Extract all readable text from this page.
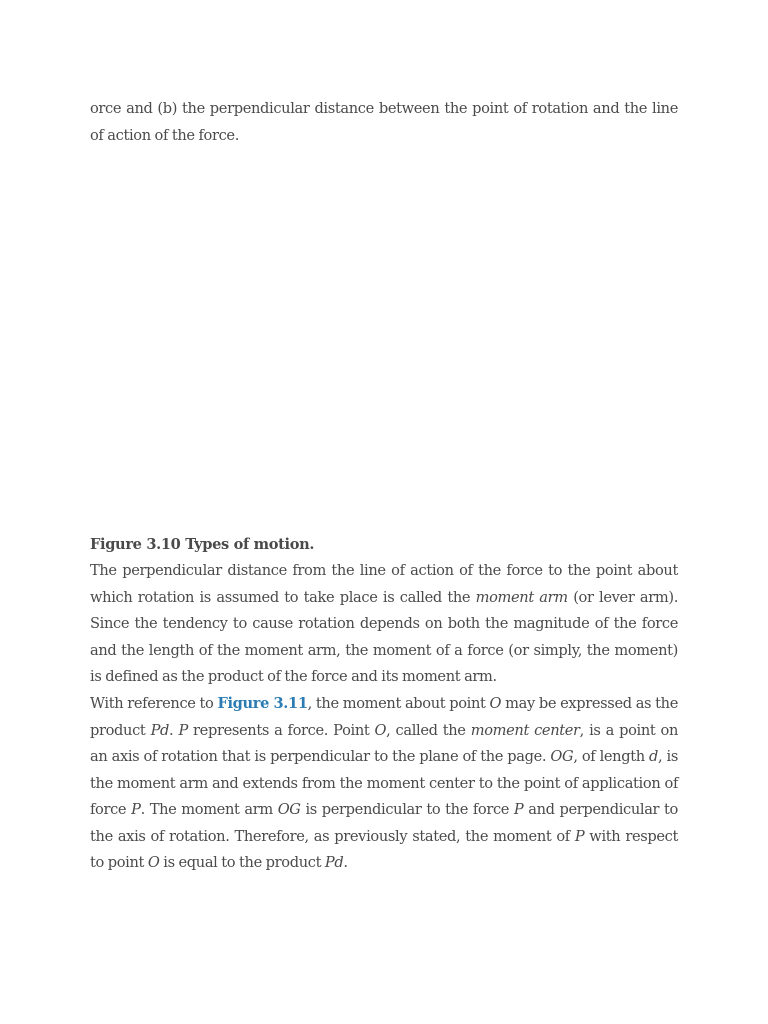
orce and (b) the perpendicular distance between the point of rotation and the line of action of the force.

Figure 3.10 Types of motion.

The perpendicular distance from the line of action of the force to the point about which rotation is assumed to take place is called the moment arm (or lever arm). Since the tendency to cause rotation depends on both the magnitude of the force and the length of the moment arm, the moment of a force (or simply, the moment) is defined as the product of the force and its moment arm.

With reference to Figure 3.11, the moment about point O may be expressed as the product Pd. P represents a force. Point O, called the moment center, is a point on an axis of rotation that is perpendicular to the plane of the page. OG, of length d, is the moment arm and extends from the moment center to the point of application of force P. The moment arm OG is perpendicular to the force P and perpendicular to the axis of rotation. Therefore, as previously stated, the moment of P with respect to point O is equal to the product Pd.
